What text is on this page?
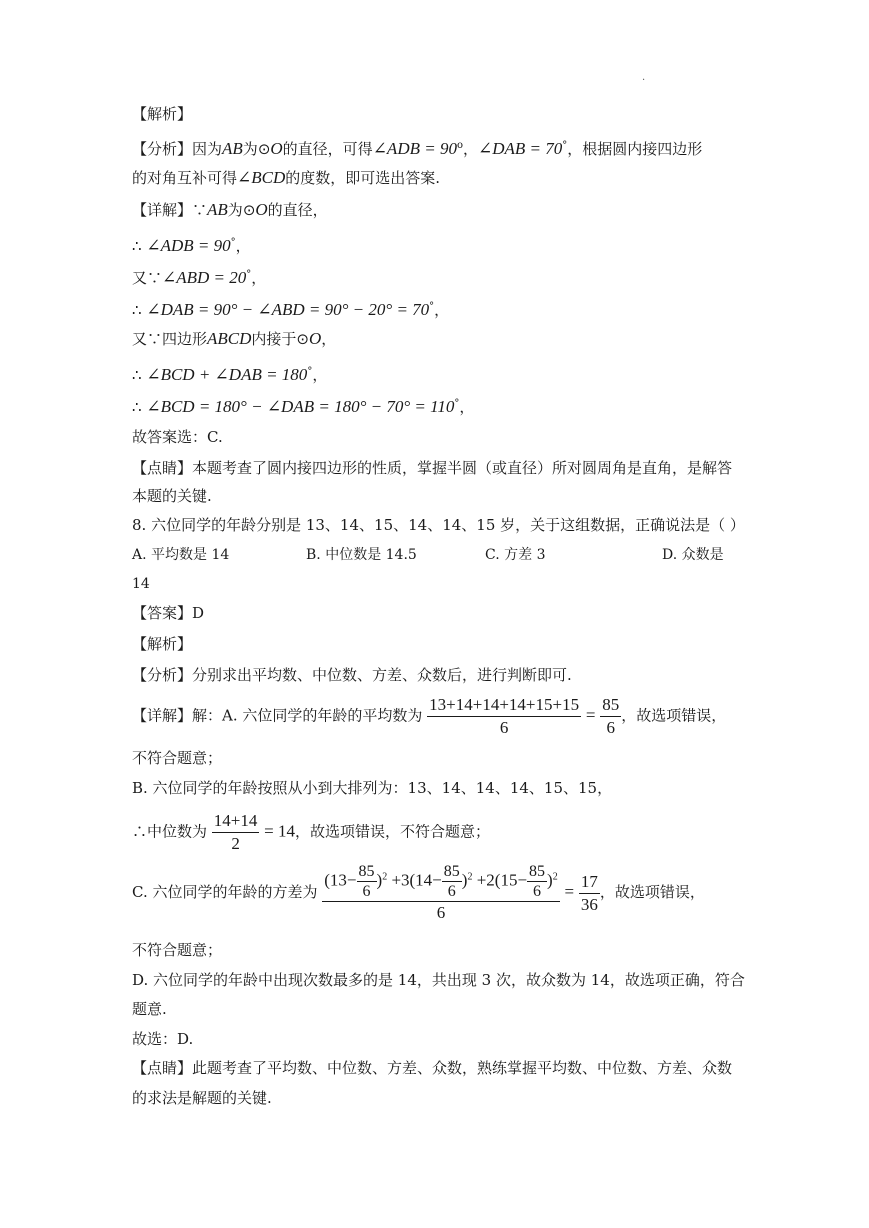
.
【解析】
【分析】因为AB为⊙O的直径，可得∠ADB = $90^o$，∠DAB = 70°，根据圆内接四边形
的对角互补可得∠BCD的度数，即可选出答案.
【详解】∵AB为⊙O的直径，
∴ ∠ADB = 90°，
又∵∠ABD = 20°，
∴ ∠DAB = 90° − ∠ABD = 90° − 20° = 70°，
又∵四边形ABCD内接于⊙O，
∴ ∠BCD + ∠DAB = 180°，
∴ ∠BCD = 180° − ∠DAB = 180° − 70° = 110°，
故答案选：C.
【点睛】本题考查了圆内接四边形的性质，掌握半圆（或直径）所对圆周角是直角，是解答
本题的关键.
8. 六位同学的年龄分别是 13、14、15、14、14、15 岁，关于这组数据，正确说法是（ ）
A. 平均数是 14	B. 中位数是 14.5	C. 方差 3	D. 众数是
14
【答案】D
【解析】
【分析】分别求出平均数、中位数、方差、众数后，进行判断即可.
【详解】解：A. 六位同学的年龄的平均数为 $\frac{13+14+14+14+15+15}{6} = \frac{85}{6}$ ，故选项错误，
不符合题意；
B. 六位同学的年龄按照从小到大排列为：13、14、14、14、15、15，
∴中位数为 $\frac{14+14}{2} = 14$，故选项错误，不符合题意；
C. 六位同学的年龄的方差为 $\frac{(13- \frac{85}{6} )^2 +3(14- \frac{85}{6} )^2 +2(15- \frac{85}{6} )^2}{6} = \frac{17}{36}$ ，故选项错误，
不符合题意；
D. 六位同学的年龄中出现次数最多的是 14，共出现 3 次，故众数为 14，故选项正确，符合
题意.
故选：D.
【点睛】此题考查了平均数、中位数、方差、众数，熟练掌握平均数、中位数、方差、众数
的求法是解题的关键.
